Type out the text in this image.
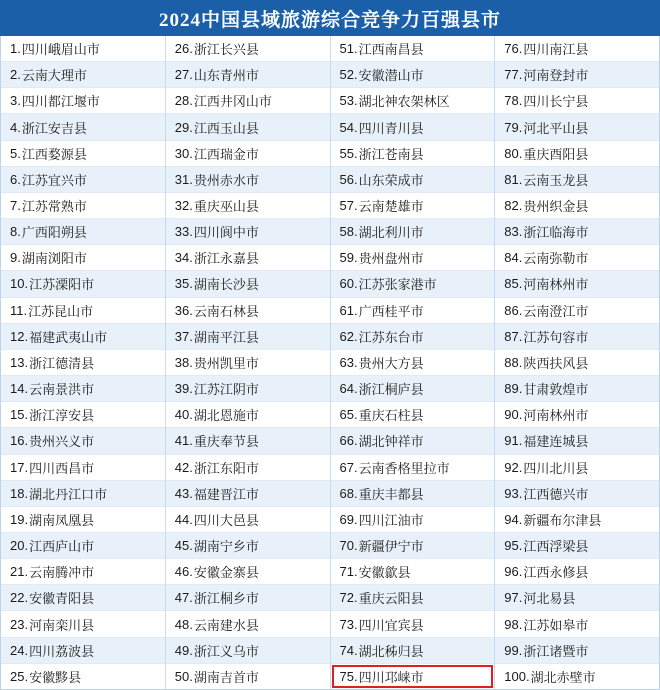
2024中国县域旅游综合竞争力百强县市
1. 四川峨眉山市
2. 云南大理市
3. 四川都江堰市
4. 浙江安吉县
5. 江西婺源县
6. 江苏宜兴市
7. 江苏常熟市
8. 广西阳朔县
9. 湖南浏阳市
10. 江苏溧阳市
11. 江苏昆山市
12. 福建武夷山市
13. 浙江德清县
14. 云南景洪市
15. 浙江淳安县
16. 贵州兴义市
17. 四川西昌市
18. 湖北丹江口市
19. 湖南凤凰县
20. 江西庐山市
21. 云南腾冲市
22. 安徽青阳县
23. 河南栾川县
24. 四川荔波县
25. 安徽黟县
26. 浙江长兴县
27. 山东青州市
28. 江西井冈山市
29. 江西玉山县
30. 江西瑞金市
31. 贵州赤水市
32. 重庆巫山县
33. 四川阆中市
34. 浙江永嘉县
35. 湖南长沙县
36. 云南石林县
37. 湖南平江县
38. 贵州凯里市
39. 江苏江阴市
40. 湖北恩施市
41. 重庆奉节县
42. 浙江东阳市
43. 福建晋江市
44. 四川大邑县
45. 湖南宁乡市
46. 安徽金寨县
47. 浙江桐乡市
48. 云南建水县
49. 浙江义乌市
50. 湖南吉首市
51. 江西南昌县
52. 安徽潜山市
53. 湖北神农架林区
54. 四川青川县
55. 浙江苍南县
56. 山东荣成市
57. 云南楚雄市
58. 湖北利川市
59. 贵州盘州市
60. 江苏张家港市
61. 广西桂平市
62. 江苏东台市
63. 贵州大方县
64. 浙江桐庐县
65. 重庆石柱县
66. 湖北钟祥市
67. 云南香格里拉市
68. 重庆丰都县
69. 四川江油市
70. 新疆伊宁市
71. 安徽歙县
72. 重庆云阳县
73. 四川宜宾县
74. 湖北秭归县
75. 四川邛崃市
76. 四川南江县
77. 河南登封市
78. 四川长宁县
79. 河北平山县
80. 重庆酉阳县
81. 云南玉龙县
82. 贵州织金县
83. 浙江临海市
84. 云南弥勒市
85. 河南林州市
86. 云南澄江市
87. 江苏句容市
88. 陕西扶风县
89. 甘肃敦煌市
90. 河南林州市
91. 福建连城县
92. 四川北川县
93. 江西德兴市
94. 新疆布尔津县
95. 江西浮梁县
96. 江西永修县
97. 河北易县
98. 江苏如皋市
99. 浙江诸暨市
100. 湖北赤壁市
